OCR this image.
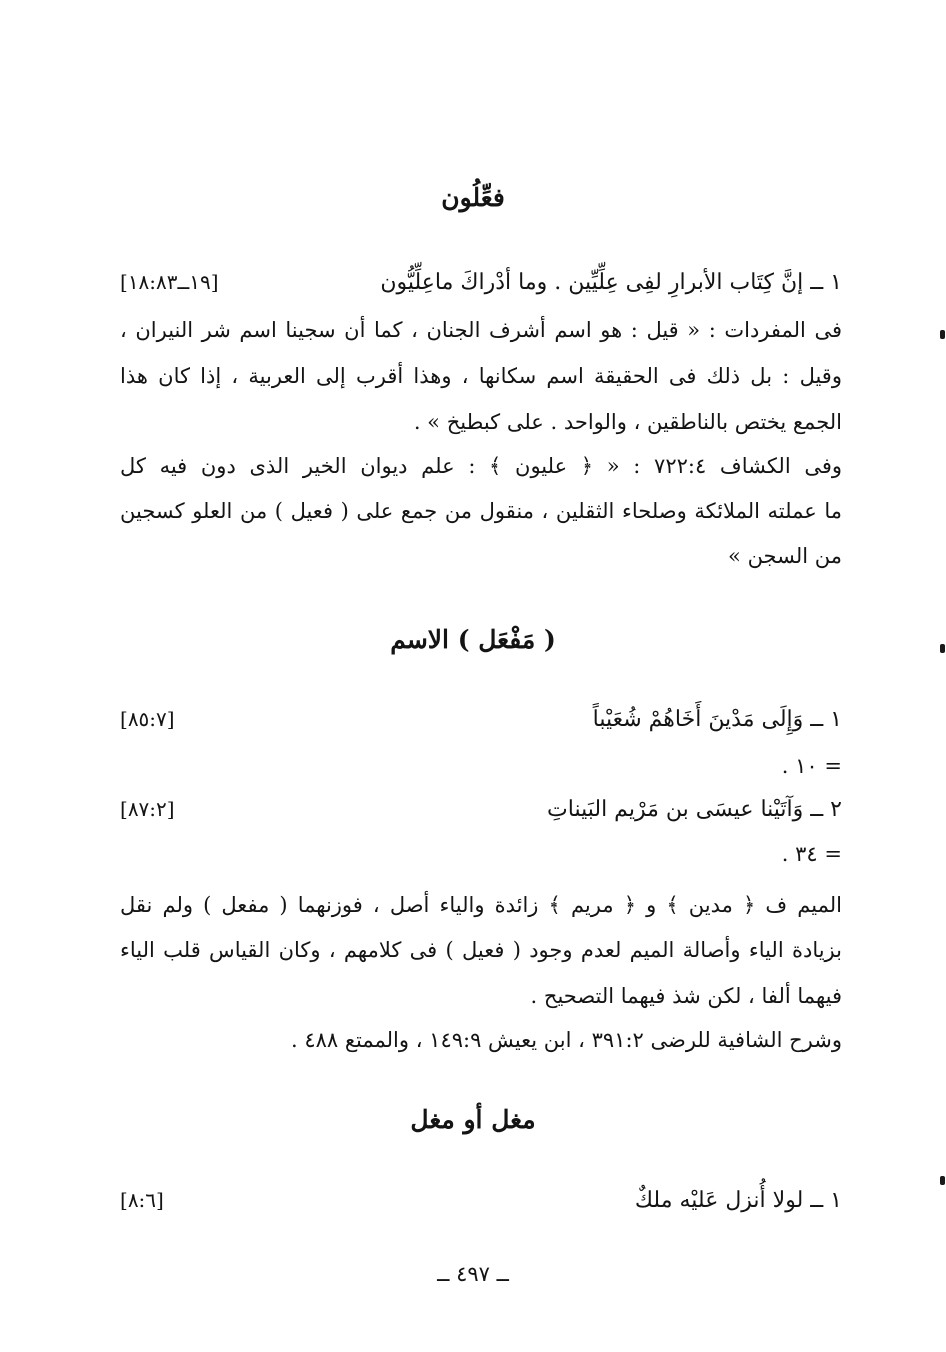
فعِّلُون
١ ــ إنَّ كِتَاب الأبرارِ لفِى عِلِّيِّين . وما أدْراكَ ماعِلِّيُّون
[١٩ــ١٨:٨٣]
فى المفردات : « قيل : هو اسم أشرف الجنان ، كما أن سجينا اسم شر النيران ،
وقيل : بل ذلك فى الحقيقة اسم سكانها ، وهذا أقرب إلى العربية ، إذا كان هذا
الجمع يختص بالناطقين ، والواحد . على كبطيخ » .
وفى الكشاف ٧٢٢:٤ : « ﴿ عليون ﴾ : علم ديوان الخير الذى دون فيه كل
ما عملته الملائكة وصلحاء الثقلين ، منقول من جمع على ( فعيل ) من العلو كسجين
من السجن »
( مَفْعَل ) الاسم
١ ــ وَإِلَى مَدْينَ أَخَاهُمْ شُعَيْباً
[٨٥:٧]
= ١٠ .
٢ ــ وَآتَيْنا عيسَى بن مَرْيم البَيناتِ
[٨٧:٢]
= ٣٤ .
الميم ف ﴿ مدين ﴾ و ﴿ مريم ﴾ زائدة والياء أصل ، فوزنهما ( مفعل ) ولم نقل
بزيادة الياء وأصالة الميم لعدم وجود ( فعيل ) فى كلامهم ، وكان القياس قلب الياء
فيهما ألفا ، لكن شذ فيهما التصحيح .
وشرح الشافية للرضى ٣٩١:٢ ، ابن يعيش ١٤٩:٩ ، والممتع ٤٨٨ .
مغل أو مغل
١ ــ لولا أُنزل عَليْه ملكٌ
[٨:٦]
ــ ٤٩٧ ــ
